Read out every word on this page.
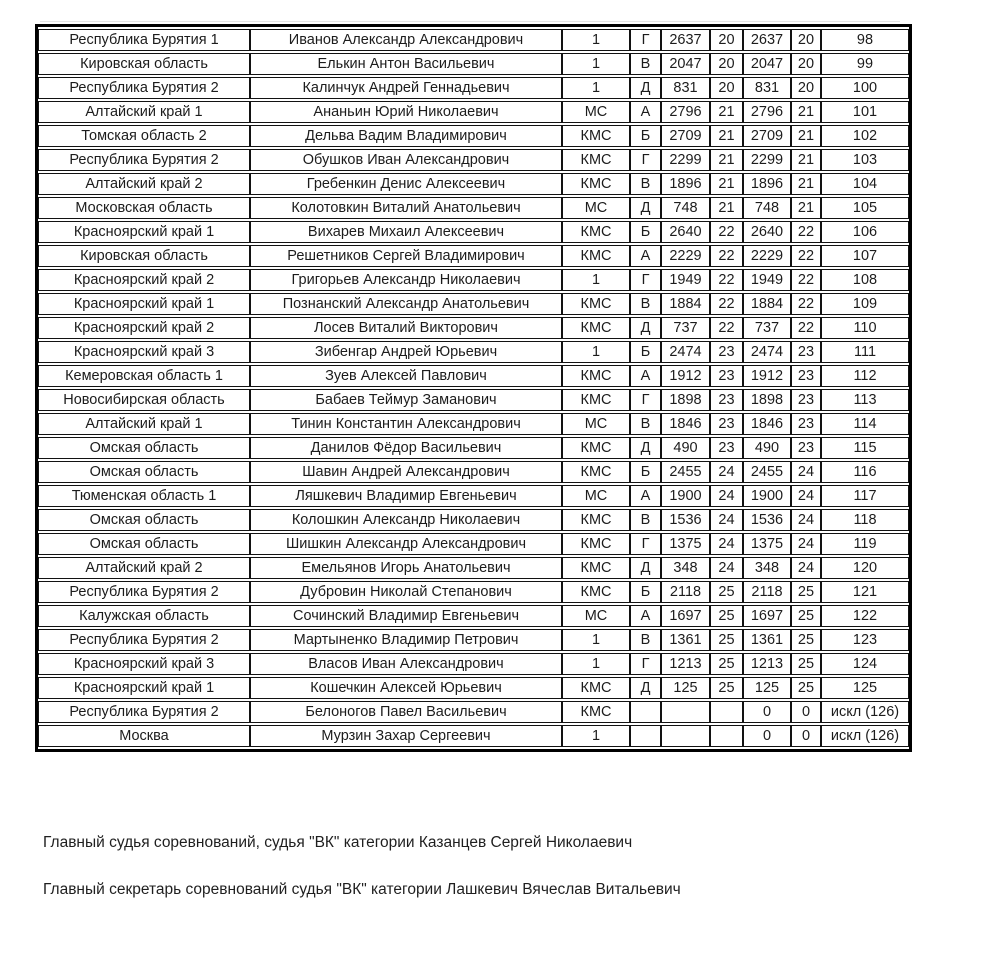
Республика Бурятия 1	Иванов Александр Александрович	1	Г	2637	20	2637	20	98
Кировская область	Елькин Антон Васильевич	1	В	2047	20	2047	20	99
Республика Бурятия 2	Калинчук Андрей Геннадьевич	1	Д	831	20	831	20	100
Алтайский край 1	Ананьин Юрий Николаевич	МС	А	2796	21	2796	21	101
Томская область 2	Дельва Вадим Владимирович	КМС	Б	2709	21	2709	21	102
Республика Бурятия 2	Обушков Иван Александрович	КМС	Г	2299	21	2299	21	103
Алтайский край 2	Гребенкин Денис Алексеевич	КМС	В	1896	21	1896	21	104
Московская область	Колотовкин Виталий Анатольевич	МС	Д	748	21	748	21	105
Красноярский край 1	Вихарев Михаил Алексеевич	КМС	Б	2640	22	2640	22	106
Кировская область	Решетников Сергей Владимирович	КМС	А	2229	22	2229	22	107
Красноярский край 2	Григорьев Александр Николаевич	1	Г	1949	22	1949	22	108
Красноярский край 1	Познанский Александр Анатольевич	КМС	В	1884	22	1884	22	109
Красноярский край 2	Лосев Виталий Викторович	КМС	Д	737	22	737	22	110
Красноярский край 3	Зибенгар Андрей Юрьевич	1	Б	2474	23	2474	23	111
Кемеровская область 1	Зуев Алексей Павлович	КМС	А	1912	23	1912	23	112
Новосибирская область	Бабаев Теймур Заманович	КМС	Г	1898	23	1898	23	113
Алтайский край 1	Тинин Константин Александрович	МС	В	1846	23	1846	23	114
Омская область	Данилов Фёдор Васильевич	КМС	Д	490	23	490	23	115
Омская область	Шавин Андрей Александрович	КМС	Б	2455	24	2455	24	116
Тюменская область 1	Ляшкевич Владимир Евгеньевич	МС	А	1900	24	1900	24	117
Омская область	Колошкин Александр Николаевич	КМС	В	1536	24	1536	24	118
Омская область	Шишкин Александр Александрович	КМС	Г	1375	24	1375	24	119
Алтайский край 2	Емельянов Игорь Анатольевич	КМС	Д	348	24	348	24	120
Республика Бурятия 2	Дубровин Николай Степанович	КМС	Б	2118	25	2118	25	121
Калужская область	Сочинский Владимир Евгеньевич	МС	А	1697	25	1697	25	122
Республика Бурятия 2	Мартыненко Владимир Петрович	1	В	1361	25	1361	25	123
Красноярский край 3	Власов Иван Александрович	1	Г	1213	25	1213	25	124
Красноярский край 1	Кошечкин Алексей Юрьевич	КМС	Д	125	25	125	25	125
Республика Бурятия 2	Белоногов Павел Васильевич	КМС				0	0	искл (126)
Москва	Мурзин Захар Сергеевич	1				0	0	искл (126)

Главный судья соревнований, судья "ВК" категории Казанцев Сергей Николаевич

Главный секретарь соревнований судья "ВК" категории Лашкевич Вячеслав Витальевич
